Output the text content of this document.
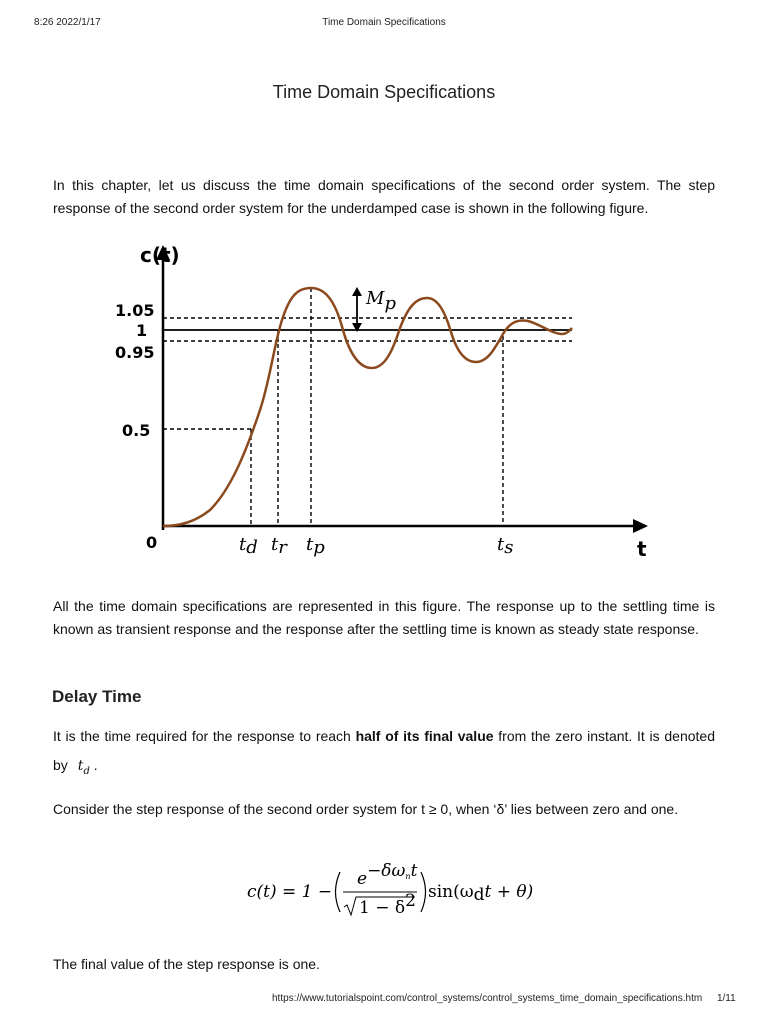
 8:26 2022/1/17	Time Domain Specifications
Time Domain Specifications

In this chapter, let us discuss the time domain specifications of the second order system. The step response of the second order system for the underdamped case is shown in the following figure.

Mp
c(t)
t
1.05
1
0.95
0.5
0	td tr tp	ts

All the time domain specifications are represented in this figure. The response up to the settling time is known as transient response and the response after the settling time is known as steady state response.

Delay Time

It is the time required for the response to reach half of its final value from the zero instant. It is denoted by $t_d$ .

Consider the step response of the second order system for t ≥ 0, when ‘δ’ lies between zero and one.

c(t) = 1 −
e−δωnt
1 − δ2 sin(ωdt + θ)

The final value of the step response is one.

https://www.tutorialspoint.com/control_systems/control_systems_time_domain_specifications.htm 1/11
